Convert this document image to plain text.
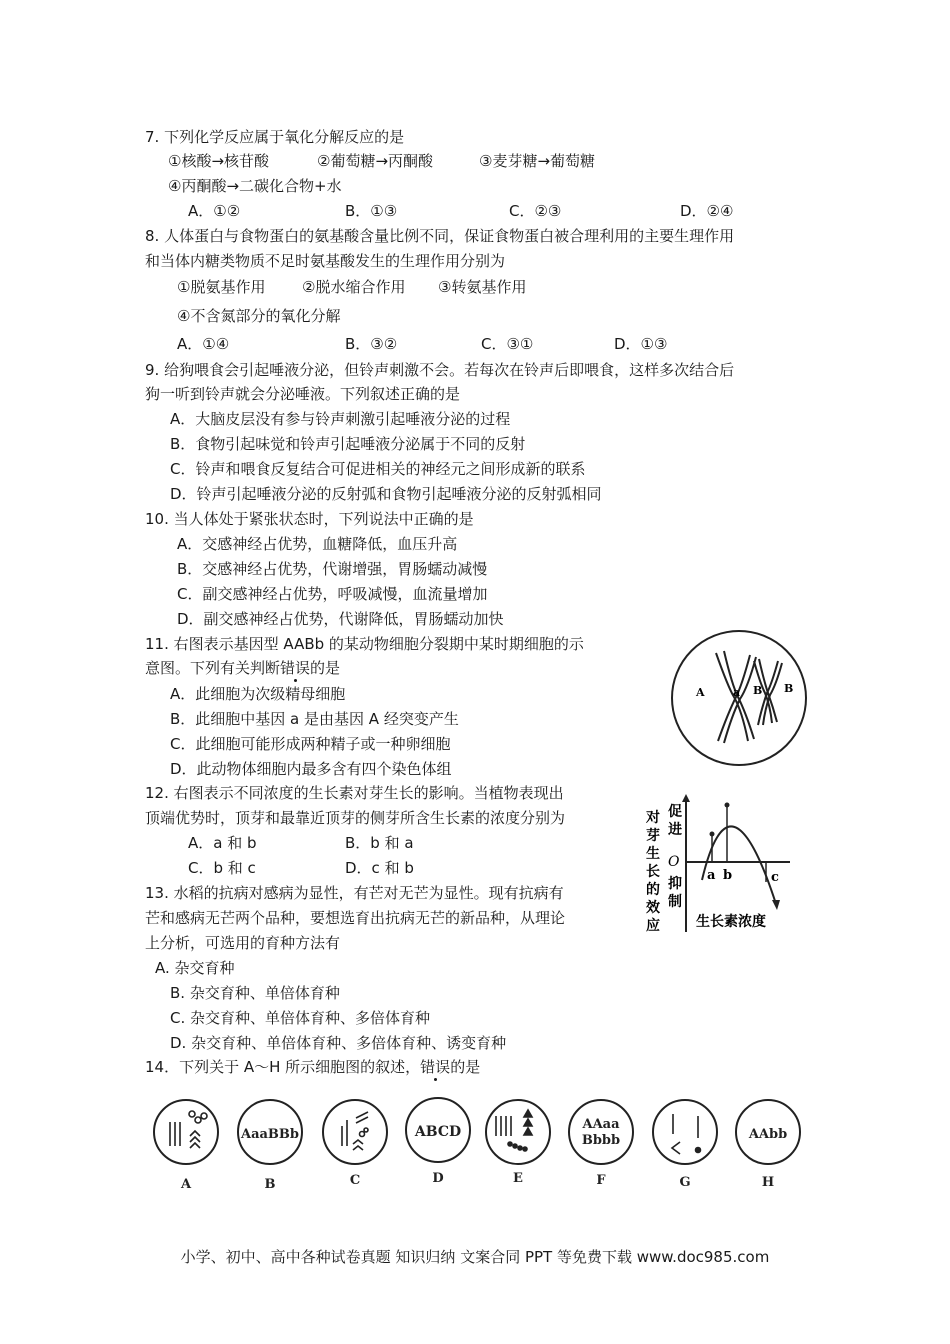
7. 下列化学反应属于氧化分解反应的是
①核酸→核苷酸	②葡萄糖→丙酮酸	③麦芽糖→葡萄糖
④丙酮酸→二碳化合物+水
A．①②	B．①③	C．②③	D．②④
8. 人体蛋白与食物蛋白的氨基酸含量比例不同，保证食物蛋白被合理利用的主要生理作用
和当体内糖类物质不足时氨基酸发生的生理作用分别为
①脱氨基作用 ②脱水缩合作用 ③转氨基作用
④不含氮部分的氧化分解
A．①④	B．③②	C．③①	D．①③
9. 给狗喂食会引起唾液分泌，但铃声刺激不会。若每次在铃声后即喂食，这样多次结合后
狗一听到铃声就会分泌唾液。下列叙述正确的是
A．大脑皮层没有参与铃声刺激引起唾液分泌的过程
B．食物引起味觉和铃声引起唾液分泌属于不同的反射
C．铃声和喂食反复结合可促进相关的神经元之间形成新的联系
D．铃声引起唾液分泌的反射弧和食物引起唾液分泌的反射弧相同
10. 当人体处于紧张状态时，下列说法中正确的是
A．交感神经占优势，血糖降低，血压升高
B．交感神经占优势，代谢增强，胃肠蠕动减慢
C．副交感神经占优势，呼吸减慢，血流量增加
D．副交感神经占优势，代谢降低，胃肠蠕动加快
11. 右图表示基因型 AABb 的某动物细胞分裂期中某时期细胞的示
意图。下列有关判断错误的是
A．此细胞为次级精母细胞
B．此细胞中基因 a 是由基因 A 经突变产生
C．此细胞可能形成两种精子或一种卵细胞
D．此动物体细胞内最多含有四个染色体组
A	a B B
12. 右图表示不同浓度的生长素对芽生长的影响。当植物表现出
顶端优势时，顶芽和最靠近顶芽的侧芽所含生长素的浓度分别为
A．a 和 b	B．b 和 a
C．b 和 c	D．c 和 b
对
芽
生
长
的
效
应
促
进
抑
制
O
a b	c
生长素浓度
13. 水稻的抗病对感病为显性，有芒对无芒为显性。现有抗病有
芒和感病无芒两个品种，要想选育出抗病无芒的新品种，从理论
上分析，可选用的育种方法有
A. 杂交育种
B. 杂交育种、单倍体育种
C. 杂交育种、单倍体育种、多倍体育种
D. 杂交育种、单倍体育种、多倍体育种、诱变育种
14．下列关于 A～H 所示细胞图的叙述，错误的是
AaaBBb	ABCD	AAaa
Bbbb	AAbb
A	B	C	D	E	F	G	H
小学、初中、高中各种试卷真题 知识归纳 文案合同 PPT 等免费下载 www.doc985.com
